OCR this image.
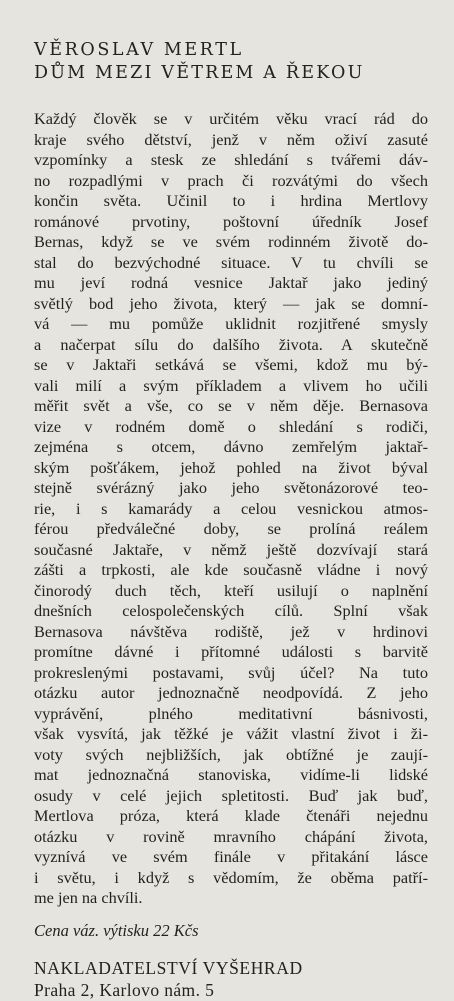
VĚROSLAV MERTL
DŮM MEZI VĚTREM A ŘEKOU
Každý člověk se v určitém věku vrací rád do
kraje svého dětství, jenž v něm oživí zasuté
vzpomínky a stesk ze shledání s tvářemi dáv-
no rozpadlými v prach či rozvátými do všech
končin světa. Učinil to i hrdina Mertlovy
románové prvotiny, poštovní úředník Josef
Bernas, když se ve svém rodinném životě do-
stal do bezvýchodné situace. V tu chvíli se
mu jeví rodná vesnice Jaktař jako jediný
světlý bod jeho života, který — jak se domní-
vá — mu pomůže uklidnit rozjitřené smysly
a načerpat sílu do dalšího života. A skutečně
se v Jaktaři setkává se všemi, kdož mu bý-
vali milí a svým příkladem a vlivem ho učili
měřit svět a vše, co se v něm děje. Bernasova
vize v rodném domě o shledání s rodiči,
zejména s otcem, dávno zemřelým jaktař-
ským pošťákem, jehož pohled na život býval
stejně svérázný jako jeho světonázorové teo-
rie, i s kamarády a celou vesnickou atmos-
férou předválečné doby, se prolíná reálem
současné Jaktaře, v němž ještě dozvívají stará
zášti a trpkosti, ale kde současně vládne i nový
činorodý duch těch, kteří usilují o naplnění
dnešních celospolečenských cílů. Splní však
Bernasova návštěva rodiště, jež v hrdinovi
promítne dávné i přítomné události s barvitě
prokreslenými postavami, svůj účel? Na tuto
otázku autor jednoznačně neodpovídá. Z jeho
vyprávění, plného meditativní básnivosti,
však vysvítá, jak těžké je vážit vlastní život i ži-
voty svých nejbližších, jak obtížné je zaují-
mat jednoznačná stanoviska, vidíme-li lidské
osudy v celé jejich spletitosti. Buď jak buď,
Mertlova próza, která klade čtenáři nejednu
otázku v rovině mravního chápání života,
vyznívá ve svém finále v přitakání lásce
i světu, i když s vědomím, že oběma patří-
me jen na chvíli.
Cena váz. výtisku 22 Kčs
NAKLADATELSTVÍ VYŠEHRAD
Praha 2, Karlovo nám. 5
